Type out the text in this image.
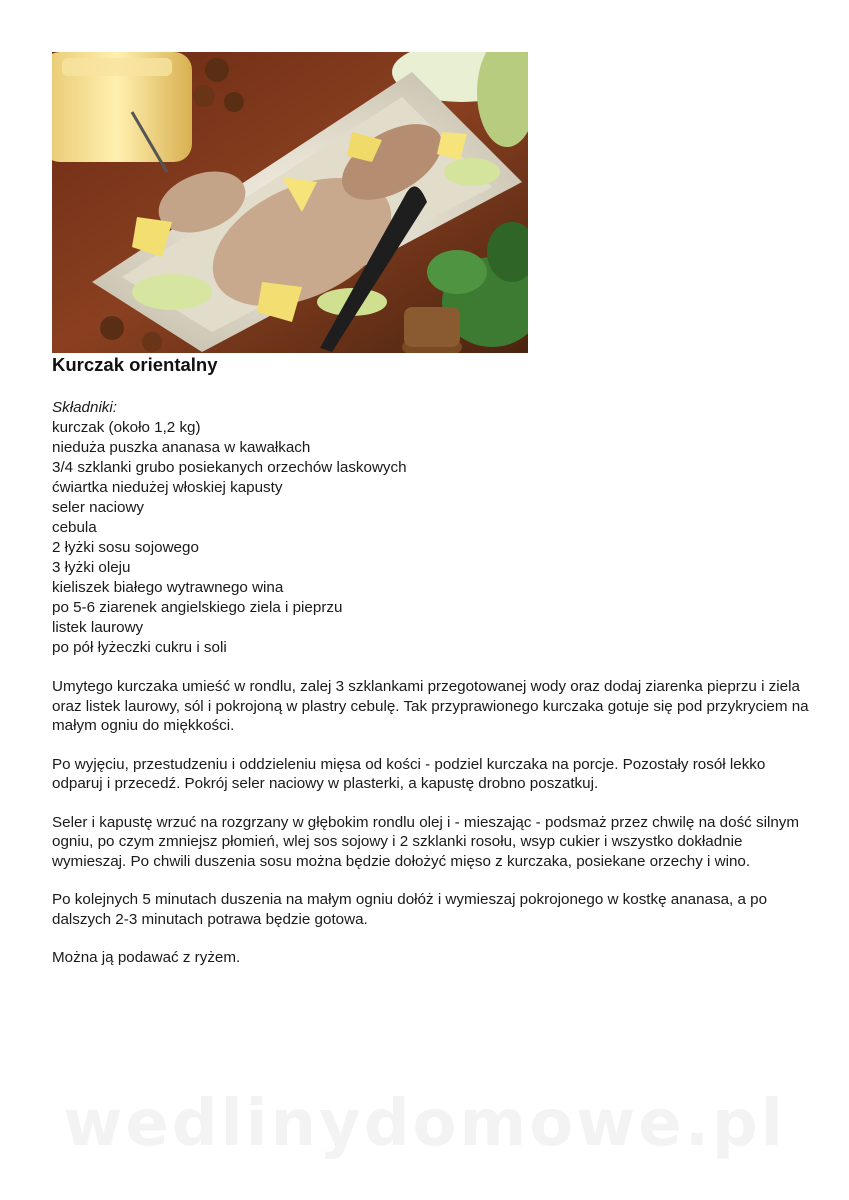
Kurczak orientalny
Składniki:
kurczak (około 1,2 kg)
nieduża puszka ananasa w kawałkach
3/4 szklanki grubo posiekanych orzechów laskowych
ćwiartka niedużej włoskiej kapusty
seler naciowy
cebula
2 łyżki sosu sojowego
3 łyżki oleju
kieliszek białego wytrawnego wina
po 5-6 ziarenek angielskiego ziela i pieprzu
listek laurowy
po pół łyżeczki cukru i soli

Umytego kurczaka umieść w rondlu, zalej 3 szklankami przegotowanej wody oraz dodaj ziarenka pieprzu i ziela oraz listek laurowy, sól i pokrojoną w plastry cebulę. Tak przyprawionego kurczaka gotuje się pod przykryciem na małym ogniu do miękkości.

Po wyjęciu, przestudzeniu i oddzieleniu mięsa od kości - podziel kurczaka na porcje. Pozostały rosół lekko odparuj i przecedź. Pokrój seler naciowy w plasterki, a kapustę drobno poszatkuj.

Seler i kapustę wrzuć na rozgrzany w głębokim rondlu olej i - mieszając - podsmaż przez chwilę na dość silnym ogniu, po czym zmniejsz płomień, wlej sos sojowy i 2 szklanki rosołu, wsyp cukier i wszystko dokładnie wymieszaj. Po chwili duszenia sosu można będzie dołożyć mięso z kurczaka, posiekane orzechy i wino.

Po kolejnych 5 minutach duszenia na małym ogniu dołóż i wymieszaj pokrojonego w kostkę ananasa, a po dalszych 2-3 minutach potrawa będzie gotowa.

Można ją podawać z ryżem.

wedlinydomowe.pl
